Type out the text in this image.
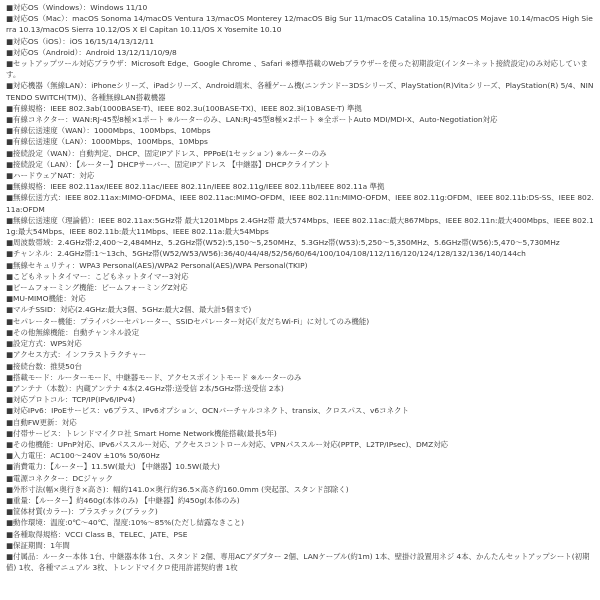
■対応OS（Windows）：Windows 11/10

■対応OS（Mac）：macOS Sonoma 14/macOS Ventura 13/macOS Monterey 12/macOS Big Sur 11/macOS Catalina 10.15/macOS Mojave 10.14/macOS High Sierra 10.13/macOS Sierra 10.12/OS X El Capitan 10.11/OS X Yosemite 10.10

■対応OS（iOS）：iOS 16/15/14/13/12/11

■対応OS（Android）：Android 13/12/11/10/9/8

■セットアップツール対応ブラウザ：Microsoft Edge、Google Chrome 、Safari ※標準搭載のWebブラウザーを使った初期設定(インターネット接続設定)のみ対応しています。

■対応機器（無線LAN）：iPhoneシリーズ、iPadシリーズ、Android端末、各種ゲーム機(ニンテンドー3DSシリーズ、PlayStation(R)Vitaシリーズ、PlayStation(R) 5/4、NINTENDO SWITCH(TM))、各種無線LAN搭載機器

■有線規格：IEEE 802.3ab(1000BASE-T)、IEEE 802.3u(100BASE-TX)、IEEE 802.3i(10BASE-T) 準拠

■有線コネクター：WAN:RJ-45型8極×1ポート ※ルーターのみ、LAN:RJ-45型8極×2ポート ※全ポートAuto MDI/MDI-X、Auto-Negotiation対応

■有線伝送速度（WAN）：1000Mbps、100Mbps、10Mbps

■有線伝送速度（LAN）：1000Mbps、100Mbps、10Mbps

■接続設定（WAN）：自動判定、DHCP、固定IPアドレス、PPPoE(1セッション) ※ルーターのみ

■接続設定（LAN）：【ルーター】DHCPサーバー、固定IPアドレス 【中継器】DHCPクライアント

■ハードウェアNAT：対応

■無線規格：IEEE 802.11ax/IEEE 802.11ac/IEEE 802.11n/IEEE 802.11g/IEEE 802.11b/IEEE 802.11a 準拠

■無線伝送方式：IEEE 802.11ax:MIMO-OFDMA、IEEE 802.11ac:MIMO-OFDM、IEEE 802.11n:MIMO-OFDM、IEEE 802.11g:OFDM、IEEE 802.11b:DS-SS、IEEE 802.11a:OFDM

■無線伝送速度（理論値）：IEEE 802.11ax:5GHz帯 最大1201Mbps 2.4GHz帯 最大574Mbps、IEEE 802.11ac:最大867Mbps、IEEE 802.11n:最大400Mbps、IEEE 802.11g:最大54Mbps、IEEE 802.11b:最大11Mbps、IEEE 802.11a:最大54Mbps

■周波数帯域：2.4GHz帯:2,400～2,484MHz、5.2GHz帯(W52):5,150～5,250MHz、5.3GHz帯(W53):5,250～5,350MHz、5.6GHz帯(W56):5,470～5,730MHz

■チャンネル：2.4GHz帯:1～13ch、5GHz帯(W52/W53/W56):36/40/44/48/52/56/60/64/100/104/108/112/116/120/124/128/132/136/140/144ch

■無線セキュリティ：WPA3 Personal(AES)/WPA2 Personal(AES)/WPA Personal(TKIP)

■こどもネットタイマー：こどもネットタイマー3対応

■ビームフォーミング機能：ビームフォーミングZ対応

■MU-MIMO機能：対応

■マルチSSID：対応(2.4GHz:最大3個、5GHz:最大2個、最大計5個まで)

■セパレーター機能：プライバシーセパレーター、SSIDセパレーター対応(「友だちWi-Fi」に対してのみ機能)

■その他無線機能：自動チャンネル設定

■設定方式：WPS対応

■アクセス方式：インフラストラクチャー

■接続台数：推奨50台

■搭載モード：ルーターモード、中継器モード、アクセスポイントモード ※ルーターのみ

■アンテナ（本数）：内蔵アンテナ 4本(2.4GHz帯:送受信 2本/5GHz帯:送受信 2本)

■対応プロトコル：TCP/IP(IPv6/IPv4)

■対応IPv6：IPoEサービス：v6プラス、IPv6オプション、OCNバーチャルコネクト、transix、クロスパス、v6コネクト

■自動FW更新：対応

■付帯サービス：トレンドマイクロ社 Smart Home Network機能搭載(最長5年)

■その他機能：UPnP対応、IPv6パススルー対応、アクセスコントロール対応、VPNパススルー対応(PPTP、L2TP/IPsec)、DMZ対応

■入力電圧：AC100～240V ±10% 50/60Hz

■消費電力：【ルーター】11.5W(最大) 【中継器】10.5W(最大)

■電源コネクター：DCジャック

■外形寸法(幅×奥行き×高さ)：幅約141.0×奥行約36.5×高さ約160.0mm (突起部、スタンド部除く)

■重量：【ルーター】約460g(本体のみ) 【中継器】約450g(本体のみ)

■筐体材質(カラー)：プラスチック(ブラック)

■動作環境：温度:0℃～40℃、湿度:10%～85%(ただし結露なきこと)

■各種取得規格：VCCI Class B、TELEC、JATE、PSE

■保証期間：1年間

■付属品：ルーター本体 1台、中継器本体 1台、スタンド 2個、専用ACアダプター 2個、LANケーブル(約1m) 1本、壁掛け設置用ネジ 4本、かんたんセットアップシート(初期値) 1枚、各種マニュアル 3枚、トレンドマイクロ使用許諾契約書 1枚
